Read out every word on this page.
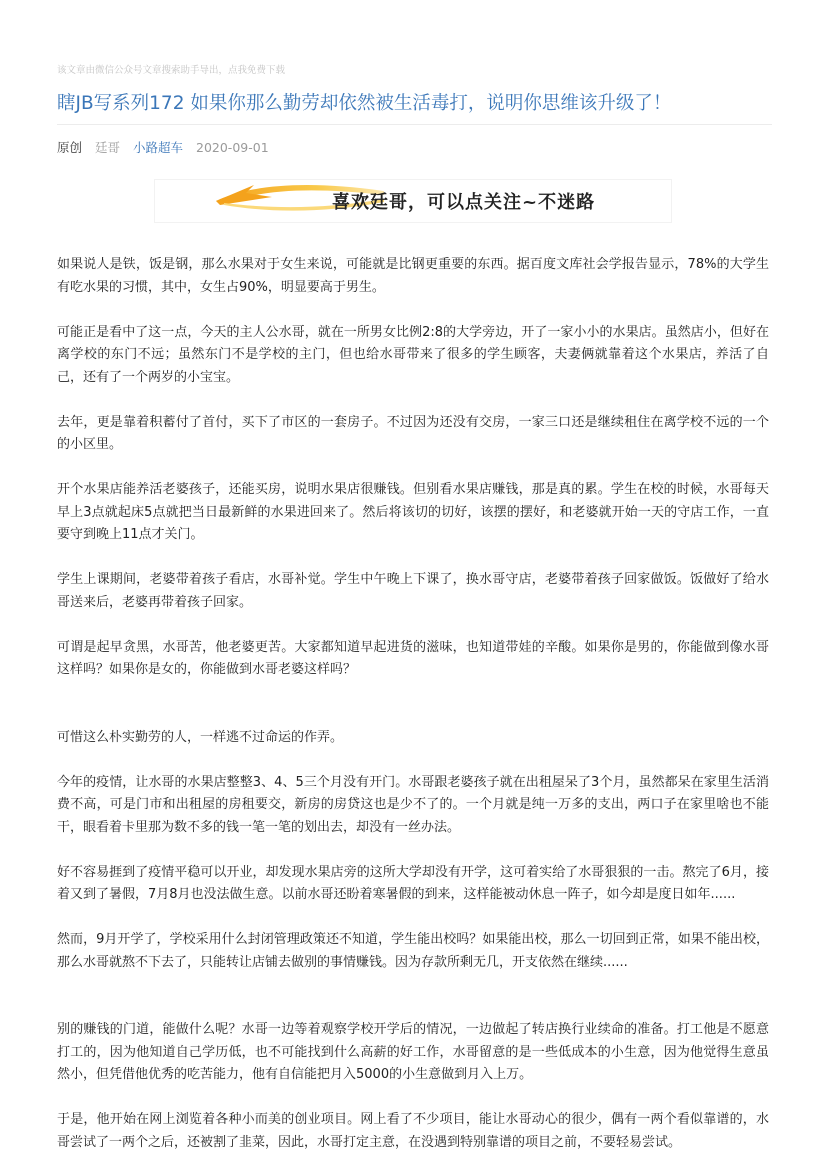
该文章由微信公众号文章搜索助手导出，点我免费下载
瞎JB写系列172 如果你那么勤劳却依然被生活毒打，说明你思维该升级了！
原创 廷哥 小路超车 2020-09-01
喜欢廷哥，可以点关注~不迷路

如果说人是铁，饭是钢，那么水果对于女生来说，可能就是比钢更重要的东西。据百度文库社会学报告显示，78%的大学生有吃水果的习惯，其中，女生占90%，明显要高于男生。

可能正是看中了这一点，今天的主人公水哥，就在一所男女比例2:8的大学旁边，开了一家小小的水果店。虽然店小，但好在离学校的东门不远；虽然东门不是学校的主门，但也给水哥带来了很多的学生顾客，夫妻俩就靠着这个水果店，养活了自己，还有了一个两岁的小宝宝。

去年，更是靠着积蓄付了首付，买下了市区的一套房子。不过因为还没有交房，一家三口还是继续租住在离学校不远的一个的小区里。

开个水果店能养活老婆孩子，还能买房，说明水果店很赚钱。但别看水果店赚钱，那是真的累。学生在校的时候，水哥每天早上3点就起床5点就把当日最新鲜的水果进回来了。然后将该切的切好，该摆的摆好，和老婆就开始一天的守店工作，一直要守到晚上11点才关门。

学生上课期间，老婆带着孩子看店，水哥补觉。学生中午晚上下课了，换水哥守店，老婆带着孩子回家做饭。饭做好了给水哥送来后，老婆再带着孩子回家。

可谓是起早贪黑，水哥苦，他老婆更苦。大家都知道早起进货的滋味，也知道带娃的辛酸。如果你是男的，你能做到像水哥这样吗？如果你是女的，你能做到水哥老婆这样吗？

可惜这么朴实勤劳的人，一样逃不过命运的作弄。

今年的疫情，让水哥的水果店整整3、4、5三个月没有开门。水哥跟老婆孩子就在出租屋呆了3个月，虽然都呆在家里生活消费不高，可是门市和出租屋的房租要交，新房的房贷这也是少不了的。一个月就是纯一万多的支出，两口子在家里啥也不能干，眼看着卡里那为数不多的钱一笔一笔的划出去，却没有一丝办法。

好不容易捱到了疫情平稳可以开业，却发现水果店旁的这所大学却没有开学，这可着实给了水哥狠狠的一击。熬完了6月，接着又到了暑假，7月8月也没法做生意。以前水哥还盼着寒暑假的到来，这样能被动休息一阵子，如今却是度日如年......

然而，9月开学了，学校采用什么封闭管理政策还不知道，学生能出校吗？如果能出校，那么一切回到正常，如果不能出校，那么水哥就熬不下去了，只能转让店铺去做别的事情赚钱。因为存款所剩无几，开支依然在继续......

别的赚钱的门道，能做什么呢？水哥一边等着观察学校开学后的情况，一边做起了转店换行业续命的准备。打工他是不愿意打工的，因为他知道自己学历低，也不可能找到什么高薪的好工作，水哥留意的是一些低成本的小生意，因为他觉得生意虽然小，但凭借他优秀的吃苦能力，他有自信能把月入5000的小生意做到月入上万。

于是，他开始在网上浏览着各种小而美的创业项目。网上看了不少项目，能让水哥动心的很少，偶有一两个看似靠谱的，水哥尝试了一两个之后，还被割了韭菜，因此，水哥打定主意，在没遇到特别靠谱的项目之前，不要轻易尝试。
